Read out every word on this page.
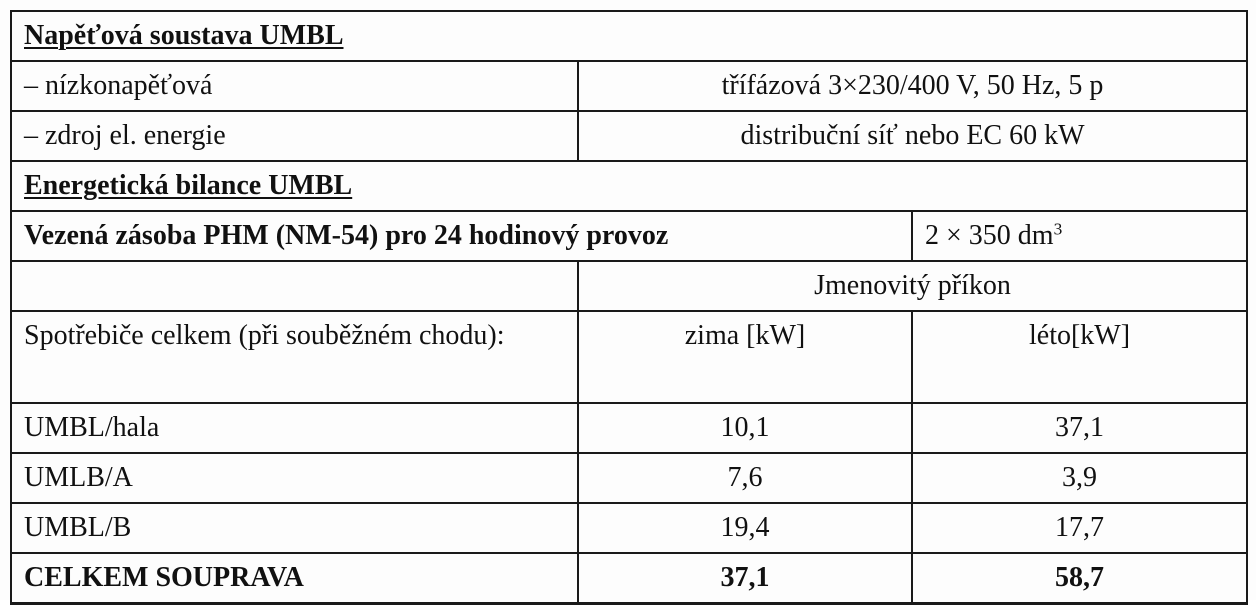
Napěťová soustava UMBL		
– nízkonapěťová	třífázová 3×230/400 V, 50 Hz, 5 p	
– zdroj el. energie	distribuční síť nebo EC 60 kW	
Energetická bilance UMBL		
Vezená zásoba PHM (NM-54) pro 24 hodinový provoz		2 × 350 $dm^3$
	Jmenovitý příkon	
Spotřebiče celkem (při souběžném chodu):	zima [kW]	léto[kW]
UMBL/hala	10,1	37,1
UMLB/A	7,6	3,9
UMBL/B	19,4	17,7
CELKEM SOUPRAVA	37,1	58,7
